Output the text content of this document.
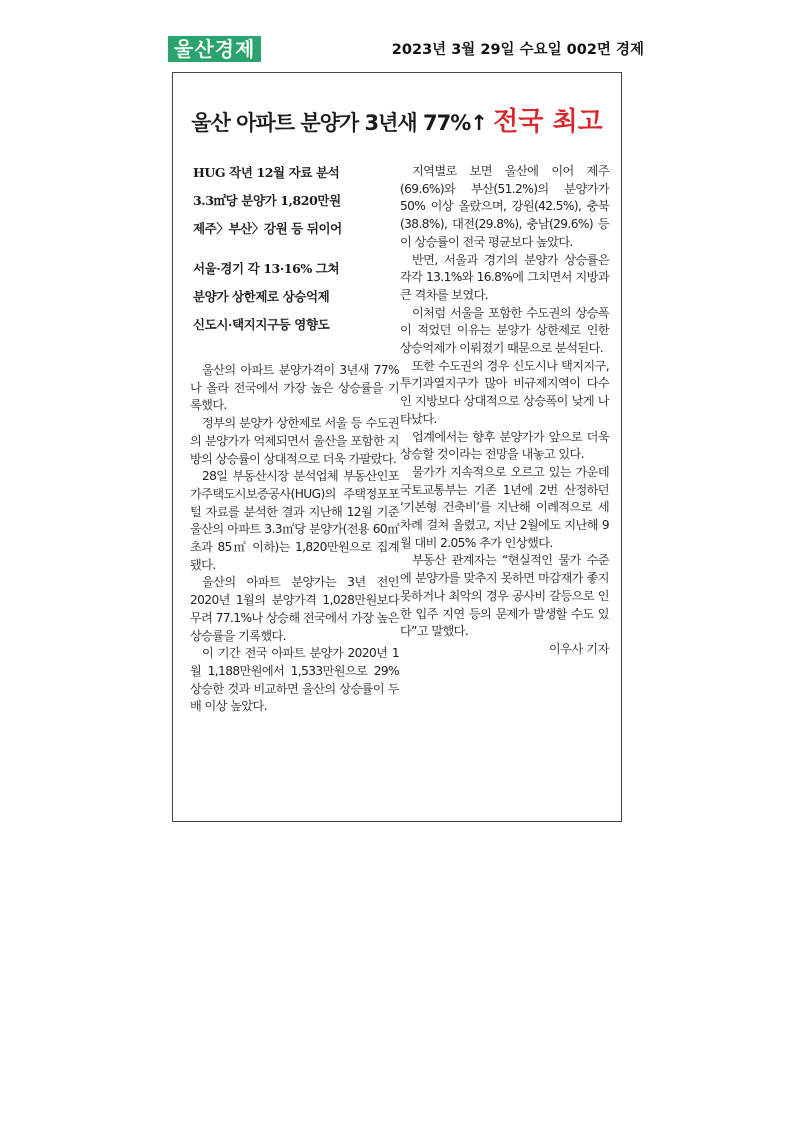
울산경제	2023년 3월 29일 수요일 002면 경제
울산 아파트 분양가 3년새 77%↑ 전국 최고
HUG 작년 12월 자료 분석
3.3㎡당 분양가 1,820만원
제주〉부산〉강원 등 뒤이어
서울·경기 각 13·16% 그쳐
분양가 상한제로 상승억제
신도시·택지지구등 영향도

울산의 아파트 분양가격이 3년새 77%나 올라 전국에서 가장 높은 상승률을 기록했다.

정부의 분양가 상한제로 서울 등 수도권의 분양가가 억제되면서 울산을 포함한 지방의 상승률이 상대적으로 더욱 가팔랐다.

28일 부동산시장 분석업체 부동산인포가주택도시보증공사(HUG)의 주택정포포털 자료를 분석한 결과 지난해 12월 기준 울산의 아파트 3.3㎡당 분양가(전용 60㎡ 초과 85㎡ 이하)는 1,820만원으로 집계됐다.

울산의 아파트 분양가는 3년 전인 2020년 1월의 분양가격 1,028만원보다 무려 77.1%나 상승해 전국에서 가장 높은 상승률을 기록했다.

이 기간 전국 아파트 분양가 2020년 1월 1,188만원에서 1,533만원으로 29% 상승한 것과 비교하면 울산의 상승률이 두배 이상 높았다.

지역별로 보면 울산에 이어 제주(69.6%)와 부산(51.2%)의 분양가가 50% 이상 올랐으며, 강원(42.5%), 충북(38.8%), 대전(29.8%), 충남(29.6%) 등이 상승률이 전국 평균보다 높았다.

반면, 서울과 경기의 분양가 상승률은 각각 13.1%와 16.8%에 그치면서 지방과 큰 격차를 보였다.

이처럼 서울을 포함한 수도권의 상승폭이 적었던 이유는 분양가 상한제로 인한 상승억제가 이뤄졌기 때문으로 분석된다.

또한 수도권의 경우 신도시나 택지지구, 투기과열지구가 많아 비규제지역이 다수인 지방보다 상대적으로 상승폭이 낮게 나타났다.

업계에서는 향후 분양가가 앞으로 더욱 상승할 것이라는 전망을 내놓고 있다.

물가가 지속적으로 오르고 있는 가운데 국토교통부는 기존 1년에 2번 산정하던 ‘기본형 건축비’를 지난해 이례적으로 세 차례 걸쳐 올렸고, 지난 2월에도 지난해 9월 대비 2.05% 추가 인상했다.

부동산 관계자는 “현실적인 물가 수준에 분양가를 맞추지 못하면 마감재가 좋지 못하거나 최악의 경우 공사비 갈등으로 인한 입주 지연 등의 문제가 발생할 수도 있다”고 말했다.

이우사 기자
